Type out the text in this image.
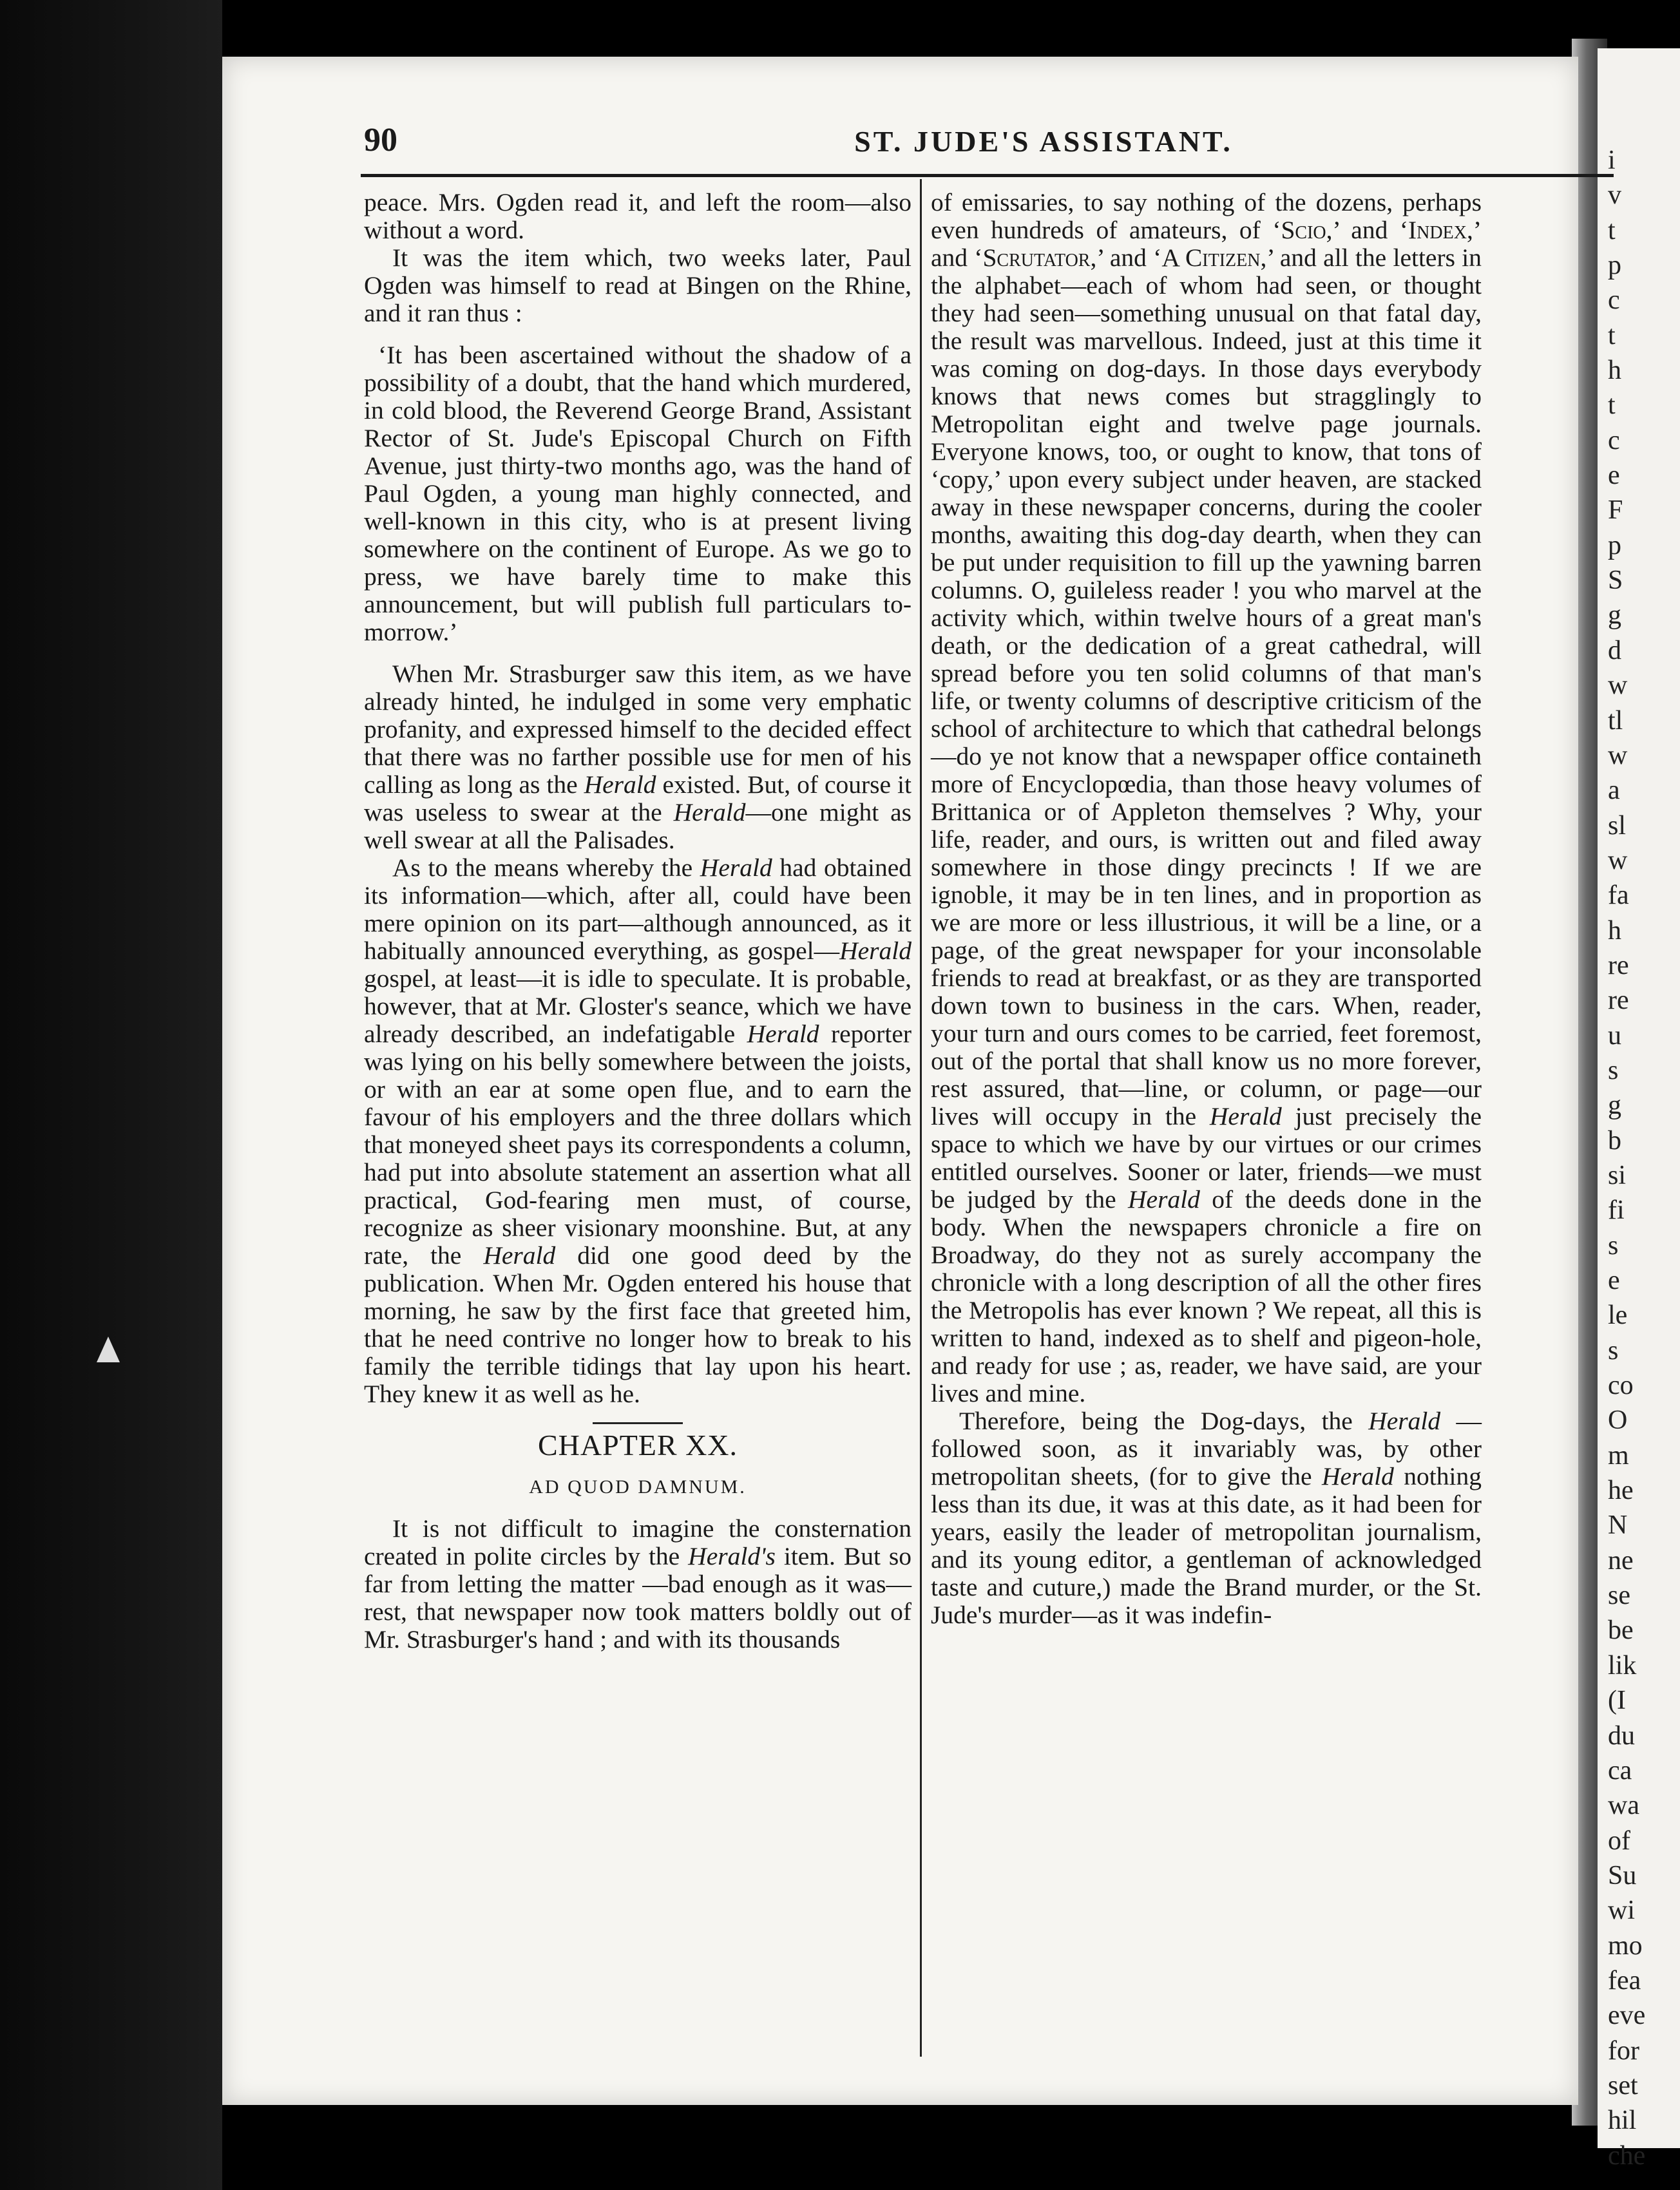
i
v
t
p
c
t
h
t
c
e
F
p
S
g
d
w
tl
w
a
sl
w
fa
h
re
re
u
s
g
b
si
fi
s
e
le
s
co
O
m
he
N
ne
se
be
lik
(I
du
ca
wa
of
Su
wi
mo
fea
eve
for
set
hil
che
90	ST. JUDE'S ASSISTANT.

peace. Mrs. Ogden read it, and left the room—also without a word.

It was the item which, two weeks later, Paul Ogden was himself to read at Bingen on the Rhine, and it ran thus :

‘It has been ascertained without the shadow of a possibility of a doubt, that the hand which murdered, in cold blood, the Reverend George Brand, Assistant Rector of St. Jude's Episcopal Church on Fifth Avenue, just thirty-two months ago, was the hand of Paul Ogden, a young man highly connected, and well-known in this city, who is at present living somewhere on the continent of Europe. As we go to press, we have barely time to make this announcement, but will publish full particulars to-morrow.’

When Mr. Strasburger saw this item, as we have already hinted, he indulged in some very emphatic profanity, and expressed himself to the decided effect that there was no farther possible use for men of his calling as long as the Herald existed. But, of course it was useless to swear at the Herald—one might as well swear at all the Palisades.

As to the means whereby the Herald had obtained its information—which, after all, could have been mere opinion on its part—although announced, as it habitually announced everything, as gospel—Herald gospel, at least—it is idle to speculate. It is probable, however, that at Mr. Gloster's seance, which we have already described, an indefatigable Herald reporter was lying on his belly somewhere between the joists, or with an ear at some open flue, and to earn the favour of his employers and the three dollars which that moneyed sheet pays its correspondents a column, had put into absolute statement an assertion what all practical, God-fearing men must, of course, recognize as sheer visionary moonshine. But, at any rate, the Herald did one good deed by the publication. When Mr. Ogden entered his house that morning, he saw by the first face that greeted him, that he need contrive no longer how to break to his family the terrible tidings that lay upon his heart. They knew it as well as he.

CHAPTER XX.
AD QUOD DAMNUM.

It is not difficult to imagine the consternation created in polite circles by the Herald's item. But so far from letting the matter —bad enough as it was—rest, that newspaper now took matters boldly out of Mr. Strasburger's hand ; and with its thousands

of emissaries, to say nothing of the dozens, perhaps even hundreds of amateurs, of ‘Scio,’ and ‘Index,’ and ‘Scrutator,’ and ‘A Citizen,’ and all the letters in the alphabet—each of whom had seen, or thought they had seen—something unusual on that fatal day, the result was marvellous. Indeed, just at this time it was coming on dog-days. In those days everybody knows that news comes but stragglingly to Metropolitan eight and twelve page journals. Everyone knows, too, or ought to know, that tons of ‘copy,’ upon every subject under heaven, are stacked away in these newspaper concerns, during the cooler months, awaiting this dog-day dearth, when they can be put under requisition to fill up the yawning barren columns. O, guileless reader ! you who marvel at the activity which, within twelve hours of a great man's death, or the dedication of a great cathedral, will spread before you ten solid columns of that man's life, or twenty columns of descriptive criticism of the school of architecture to which that cathedral belongs—do ye not know that a newspaper office containeth more of Encyclopœdia, than those heavy volumes of Brittanica or of Appleton themselves ? Why, your life, reader, and ours, is written out and filed away somewhere in those dingy precincts ! If we are ignoble, it may be in ten lines, and in proportion as we are more or less illustrious, it will be a line, or a page, of the great newspaper for your inconsolable friends to read at breakfast, or as they are transported down town to business in the cars. When, reader, your turn and ours comes to be carried, feet foremost, out of the portal that shall know us no more forever, rest assured, that—line, or column, or page—our lives will occupy in the Herald just precisely the space to which we have by our virtues or our crimes entitled ourselves. Sooner or later, friends—we must be judged by the Herald of the deeds done in the body. When the newspapers chronicle a fire on Broadway, do they not as surely accompany the chronicle with a long description of all the other fires the Metropolis has ever known ? We repeat, all this is written to hand, indexed as to shelf and pigeon-hole, and ready for use ; as, reader, we have said, are your lives and mine.

Therefore, being the Dog-days, the Herald —followed soon, as it invariably was, by other metropolitan sheets, (for to give the Herald nothing less than its due, it was at this date, as it had been for years, easily the leader of metropolitan journalism, and its young editor, a gentleman of acknowledged taste and cuture,) made the Brand murder, or the St. Jude's murder—as it was indefin-
